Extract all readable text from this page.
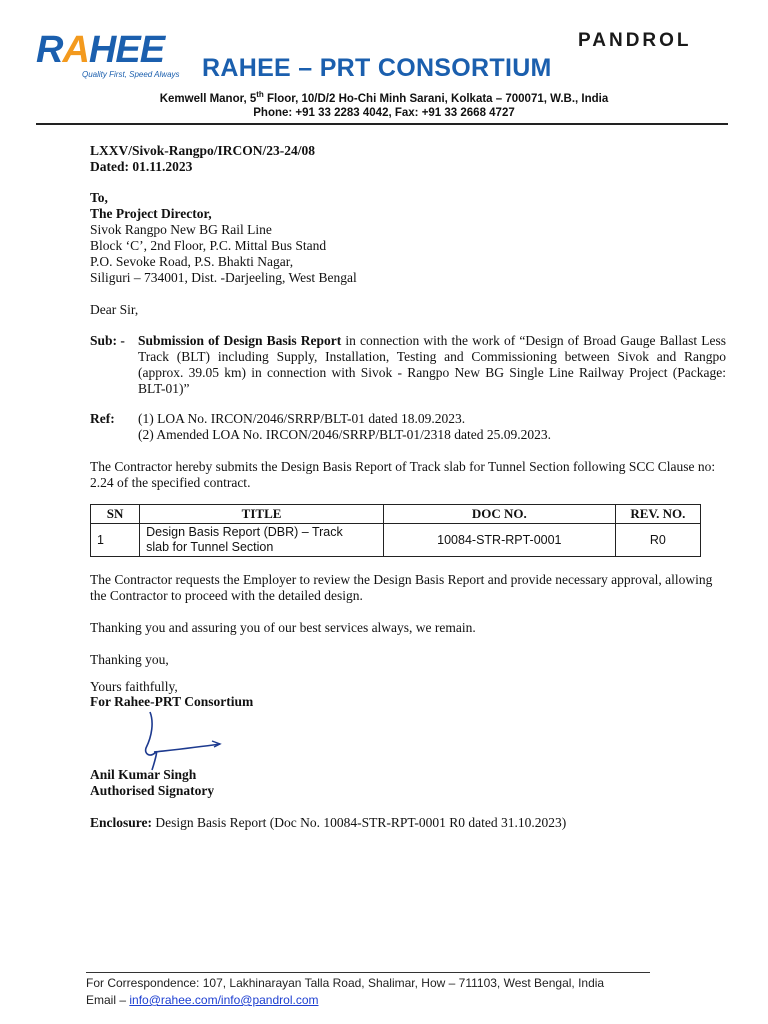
RAHEE
Quality First, Speed Always RAHEE – PRT CONSORTIUM
PANDROL
Kemwell Manor, 5th Floor, 10/D/2 Ho-Chi Minh Sarani, Kolkata – 700071, W.B., India
Phone: +91 33 2283 4042, Fax: +91 33 2668 4727
LXXV/Sivok-Rangpo/IRCON/23-24/08
Dated: 01.11.2023
To,
The Project Director,
Sivok Rangpo New BG Rail Line
Block ‘C’, 2nd Floor, P.C. Mittal Bus Stand
P.O. Sevoke Road, P.S. Bhakti Nagar,
Siliguri – 734001, Dist. -Darjeeling, West Bengal
Dear Sir,
Sub: - Submission of Design Basis Report in connection with the work of “Design of Broad Gauge Ballast Less Track (BLT) including Supply, Installation, Testing and Commissioning between Sivok and Rangpo (approx. 39.05 km) in connection with Sivok - Rangpo New BG Single Line Railway Project (Package: BLT-01)”
Ref: (1) LOA No. IRCON/2046/SRRP/BLT-01 dated 18.09.2023.
(2) Amended LOA No. IRCON/2046/SRRP/BLT-01/2318 dated 25.09.2023.
The Contractor hereby submits the Design Basis Report of Track slab for Tunnel Section following SCC Clause no: 2.24 of the specified contract.
SN	TITLE	DOC NO.	REV. NO.
1	Design Basis Report (DBR) – Track
slab for Tunnel Section	10084-STR-RPT-0001	R0
The Contractor requests the Employer to review the Design Basis Report and provide necessary approval, allowing the Contractor to proceed with the detailed design.
Thanking you and assuring you of our best services always, we remain.
Thanking you,
Yours faithfully,
For Rahee-PRT Consortium
Anil Kumar Singh
Authorised Signatory
Enclosure: Design Basis Report (Doc No. 10084-STR-RPT-0001 R0 dated 31.10.2023)
For Correspondence: 107, Lakhinarayan Talla Road, Shalimar, How – 711103, West Bengal, India
Email – info@rahee.com/info@pandrol.com
